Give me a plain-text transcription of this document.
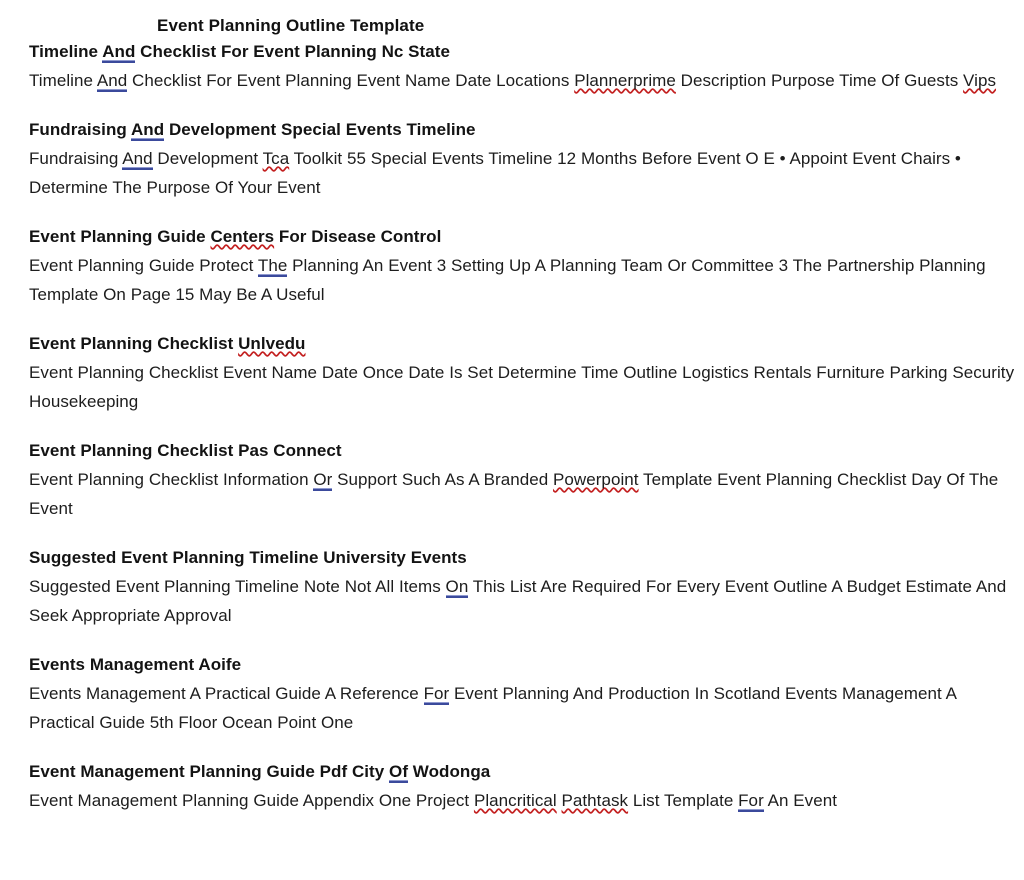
Event Planning Outline Template
Timeline And Checklist For Event Planning Nc State
Timeline And Checklist For Event Planning Event Name Date Locations Plannerprime Description Purpose Time Of Guests Vips
Fundraising And Development Special Events Timeline
Fundraising And Development Tca Toolkit 55 Special Events Timeline 12 Months Before Event O E • Appoint Event Chairs • Determine The Purpose Of Your Event
Event Planning Guide Centers For Disease Control
Event Planning Guide Protect The Planning An Event 3 Setting Up A Planning Team Or Committee 3 The Partnership Planning Template On Page 15 May Be A Useful
Event Planning Checklist Unlvedu
Event Planning Checklist Event Name Date Once Date Is Set Determine Time Outline Logistics Rentals Furniture Parking Security Housekeeping
Event Planning Checklist Pas Connect
Event Planning Checklist Information Or Support Such As A Branded Powerpoint Template Event Planning Checklist Day Of The Event
Suggested Event Planning Timeline University Events
Suggested Event Planning Timeline Note Not All Items On This List Are Required For Every Event Outline A Budget Estimate And Seek Appropriate Approval
Events Management Aoife
Events Management A Practical Guide A Reference For Event Planning And Production In Scotland Events Management A Practical Guide 5th Floor Ocean Point One
Event Management Planning Guide Pdf City Of Wodonga
Event Management Planning Guide Appendix One Project Plancritical Pathtask List Template For An Event
